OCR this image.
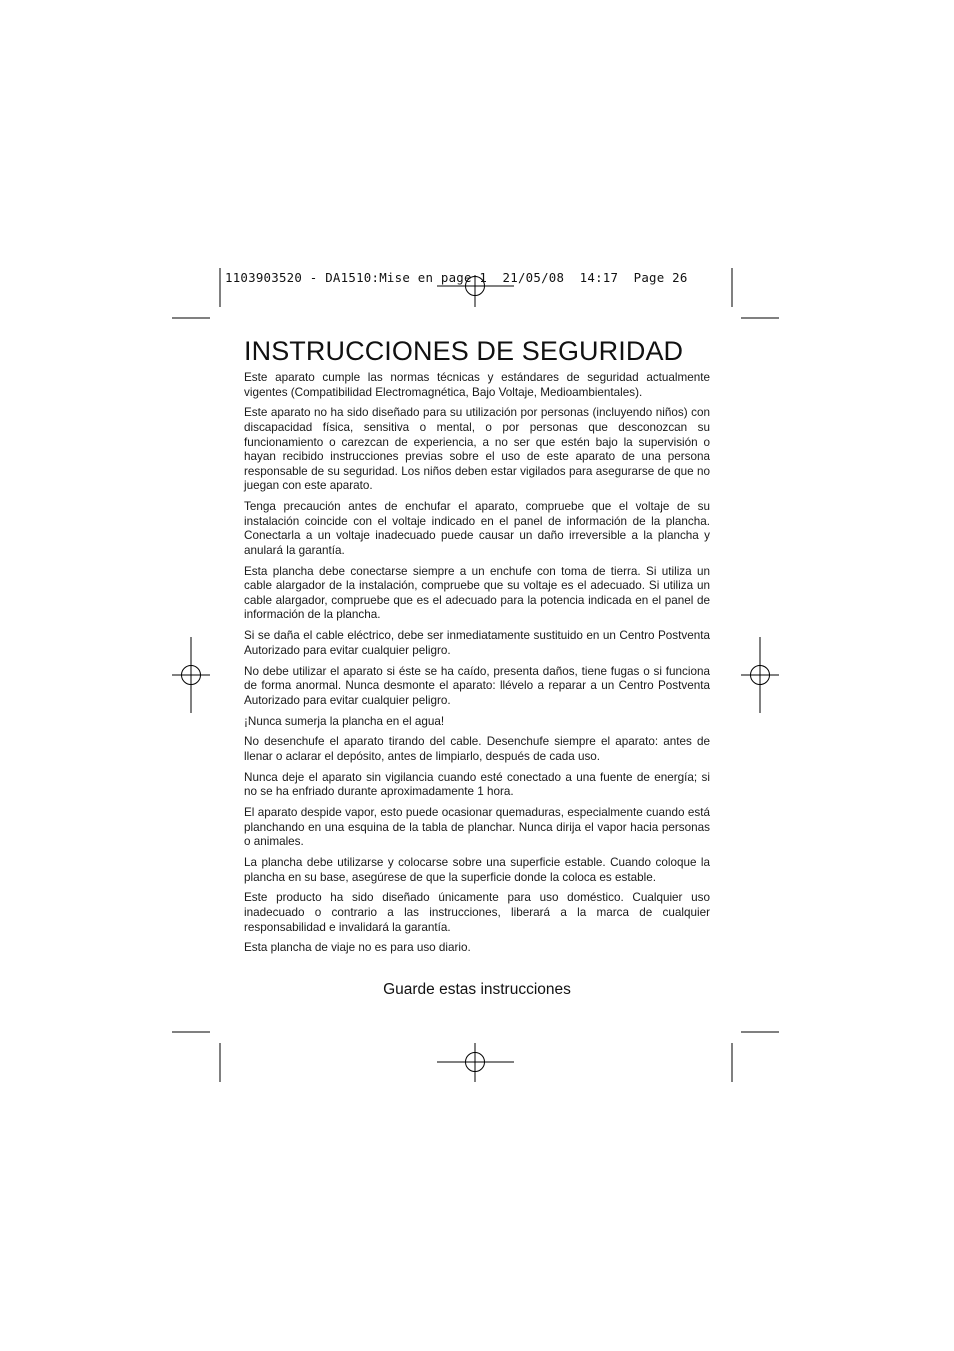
1103903520 - DA1510:Mise en page 1  21/05/08  14:17  Page 26
INSTRUCCIONES DE SEGURIDAD

Este aparato cumple las normas técnicas y estándares de seguridad actualmente vigentes (Compatibilidad Electromagnética, Bajo Voltaje, Medioambientales).

Este aparato no ha sido diseñado para su utilización por personas (incluyendo niños) con discapacidad física, sensitiva o mental, o por personas que desconozcan su funcionamiento o carezcan de experiencia, a no ser que estén bajo la supervisión o hayan recibido instrucciones previas sobre el uso de este aparato de una persona responsable de su seguridad. Los niños deben estar vigilados para asegurarse de que no juegan con este aparato.

Tenga precaución antes de enchufar el aparato, compruebe que el voltaje de su instalación coincide con el voltaje indicado en el panel de información de la plancha. Conectarla a un voltaje inadecuado puede causar un daño irreversible a la plancha y anulará la garantía.

Esta plancha debe conectarse siempre a un enchufe con toma de tierra. Si utiliza un cable alargador de la instalación, compruebe que su voltaje es el adecuado. Si utiliza un cable alargador, compruebe que es el adecuado para la potencia indicada en el panel de información de la plancha.

Si se daña el cable eléctrico, debe ser inmediatamente sustituido en un Centro Postventa Autorizado para evitar cualquier peligro.

No debe utilizar el aparato si éste se ha caído, presenta daños, tiene fugas o si funciona de forma anormal. Nunca desmonte el aparato: llévelo a reparar a un Centro Postventa Autorizado para evitar cualquier peligro.

¡Nunca sumerja la plancha en el agua!

No desenchufe el aparato tirando del cable. Desenchufe siempre el aparato: antes de llenar o aclarar el depósito, antes de limpiarlo, después de cada uso.

Nunca deje el aparato sin vigilancia cuando esté conectado a una fuente de energía; si no se ha enfriado durante aproximadamente 1 hora.

El aparato despide vapor, esto puede ocasionar quemaduras, especialmente cuando está planchando en una esquina de la tabla de planchar. Nunca dirija el vapor hacia personas o animales.

La plancha debe utilizarse y colocarse sobre una superficie estable. Cuando coloque la plancha en su base, asegúrese de que la superficie donde la coloca es estable.

Este producto ha sido diseñado únicamente para uso doméstico. Cualquier uso inadecuado o contrario a las instrucciones, liberará a la marca de cualquier responsabilidad e invalidará la garantía.

Esta plancha de viaje no es para uso diario.

Guarde estas instrucciones
